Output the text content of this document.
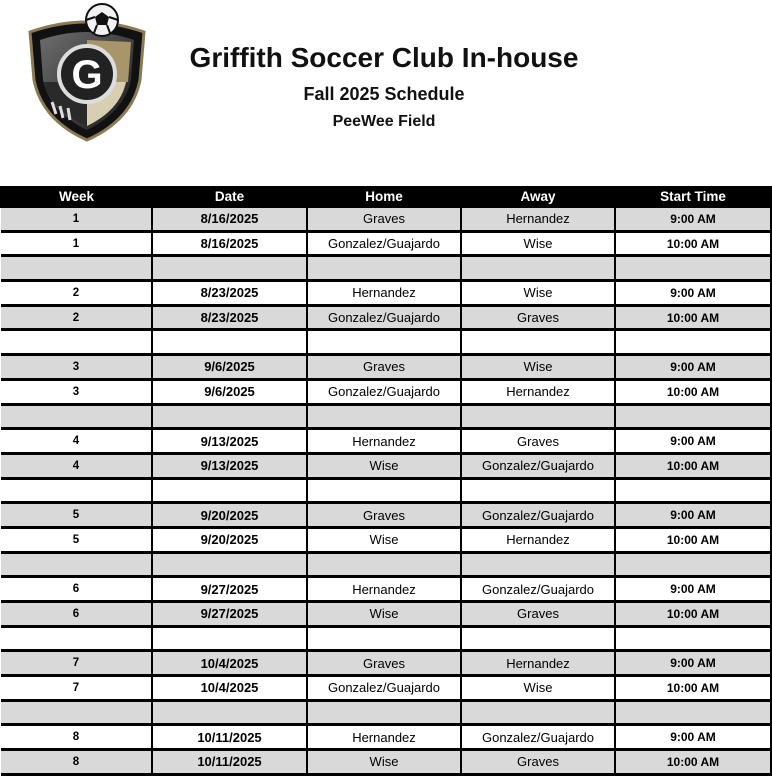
G	Griffith Soccer Club In-house
Fall 2025 Schedule
PeeWee Field
Week	Date	Home	Away	Start Time
1	8/16/2025	Graves	Hernandez	9:00 AM
1	8/16/2025	Gonzalez/Guajardo	Wise	10:00 AM

2	8/23/2025	Hernandez	Wise	9:00 AM
2	8/23/2025	Gonzalez/Guajardo	Graves	10:00 AM

3	9/6/2025	Graves	Wise	9:00 AM
3	9/6/2025	Gonzalez/Guajardo	Hernandez	10:00 AM

4	9/13/2025	Hernandez	Graves	9:00 AM
4	9/13/2025	Wise	Gonzalez/Guajardo	10:00 AM

5	9/20/2025	Graves	Gonzalez/Guajardo	9:00 AM
5	9/20/2025	Wise	Hernandez	10:00 AM

6	9/27/2025	Hernandez	Gonzalez/Guajardo	9:00 AM
6	9/27/2025	Wise	Graves	10:00 AM

7	10/4/2025	Graves	Hernandez	9:00 AM
7	10/4/2025	Gonzalez/Guajardo	Wise	10:00 AM

8	10/11/2025	Hernandez	Gonzalez/Guajardo	9:00 AM
8	10/11/2025	Wise	Graves	10:00 AM
